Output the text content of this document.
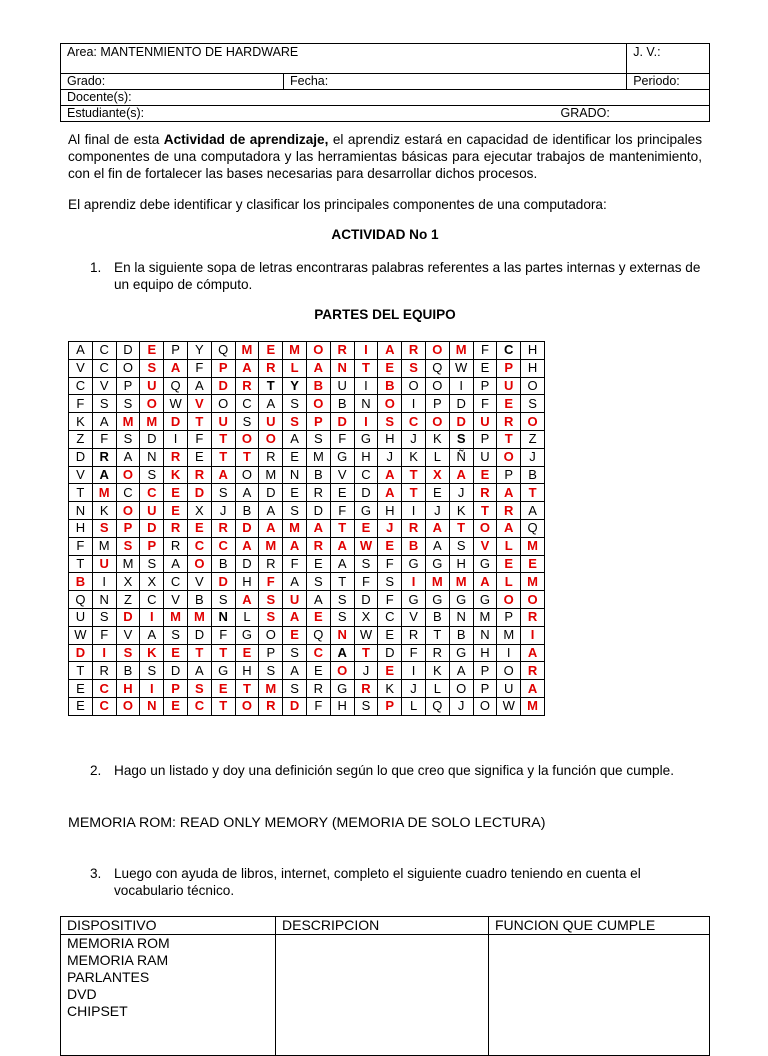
Area: MANTENMIENTO DE HARDWARE		J. V.:
Grado:	Fecha:	Periodo:
Docente(s):		
Estudiante(s): GRADO:		
Al final de esta Actividad de aprendizaje, el aprendiz estará en capacidad de identificar los principales componentes de una computadora y las herramientas básicas para ejecutar trabajos de mantenimiento, con el fin de fortalecer las bases necesarias para desarrollar dichos procesos.
El aprendiz debe identificar y clasificar los principales componentes de una computadora:
ACTIVIDAD No 1
1. En la siguiente sopa de letras encontraras palabras referentes a las partes internas y externas de un equipo de cómputo.
PARTES DEL EQUIPO
A	C	D	E	P	Y	Q	M	E	M	O	R	I	A	R	O	M	F	C	H
V	C	O	S	A	F	P	A	R	L	A	N	T	E	S	Q	W	E	P	H
C	V	P	U	Q	A	D	R	T	Y	B	U	I	B	O	O	I	P	U	O
F	S	S	O	W	V	O	C	A	S	O	B	N	O	I	P	D	F	E	S
K	A	M	M	D	T	U	S	U	S	P	D	I	S	C	O	D	U	R	O
Z	F	S	D	I	F	T	O	O	A	S	F	G	H	J	K	S	P	T	Z
D	R	A	N	R	E	T	T	R	E	M	G	H	J	K	L	Ñ	U	O	J
V	A	O	S	K	R	A	O	M	N	B	V	C	A	T	X	A	E	P	B
T	M	C	C	E	D	S	A	D	E	R	E	D	A	T	E	J	R	A	T
N	K	O	U	E	X	J	B	A	S	D	F	G	H	I	J	K	T	R	A
H	S	P	D	R	E	R	D	A	M	A	T	E	J	R	A	T	O	A	Q
F	M	S	P	R	C	C	A	M	A	R	A	W	E	B	A	S	V	L	M
T	U	M	S	A	O	B	D	R	F	E	A	S	F	G	G	H	G	E	E
B	I	X	X	C	V	D	H	F	A	S	T	F	S	I	M	M	A	L	M
Q	N	Z	C	V	B	S	A	S	U	A	S	D	F	G	G	G	G	O	O
U	S	D	I	M	M	N	L	S	A	E	S	X	C	V	B	N	M	P	R
W	F	V	A	S	D	F	G	O	E	Q	N	W	E	R	T	B	N	M	I
D	I	S	K	E	T	T	E	P	S	C	A	T	D	F	R	G	H	I	A
T	R	B	S	D	A	G	H	S	A	E	O	J	E	I	K	A	P	O	R
E	C	H	I	P	S	E	T	M	S	R	G	R	K	J	L	O	P	U	A
E	C	O	N	E	C	T	O	R	D	F	H	S	P	L	Q	J	O	W	M
2. Hago un listado y doy una definición según lo que creo que significa y la función que cumple.
MEMORIA ROM: READ ONLY MEMORY (MEMORIA DE SOLO LECTURA)
3. Luego con ayuda de libros, internet, completo el siguiente cuadro teniendo en cuenta el vocabulario técnico.
DISPOSITIVO	DESCRIPCION	FUNCION QUE CUMPLE

MEMORIA ROM
MEMORIA RAM
PARLANTES
DVD
CHIPSET		
